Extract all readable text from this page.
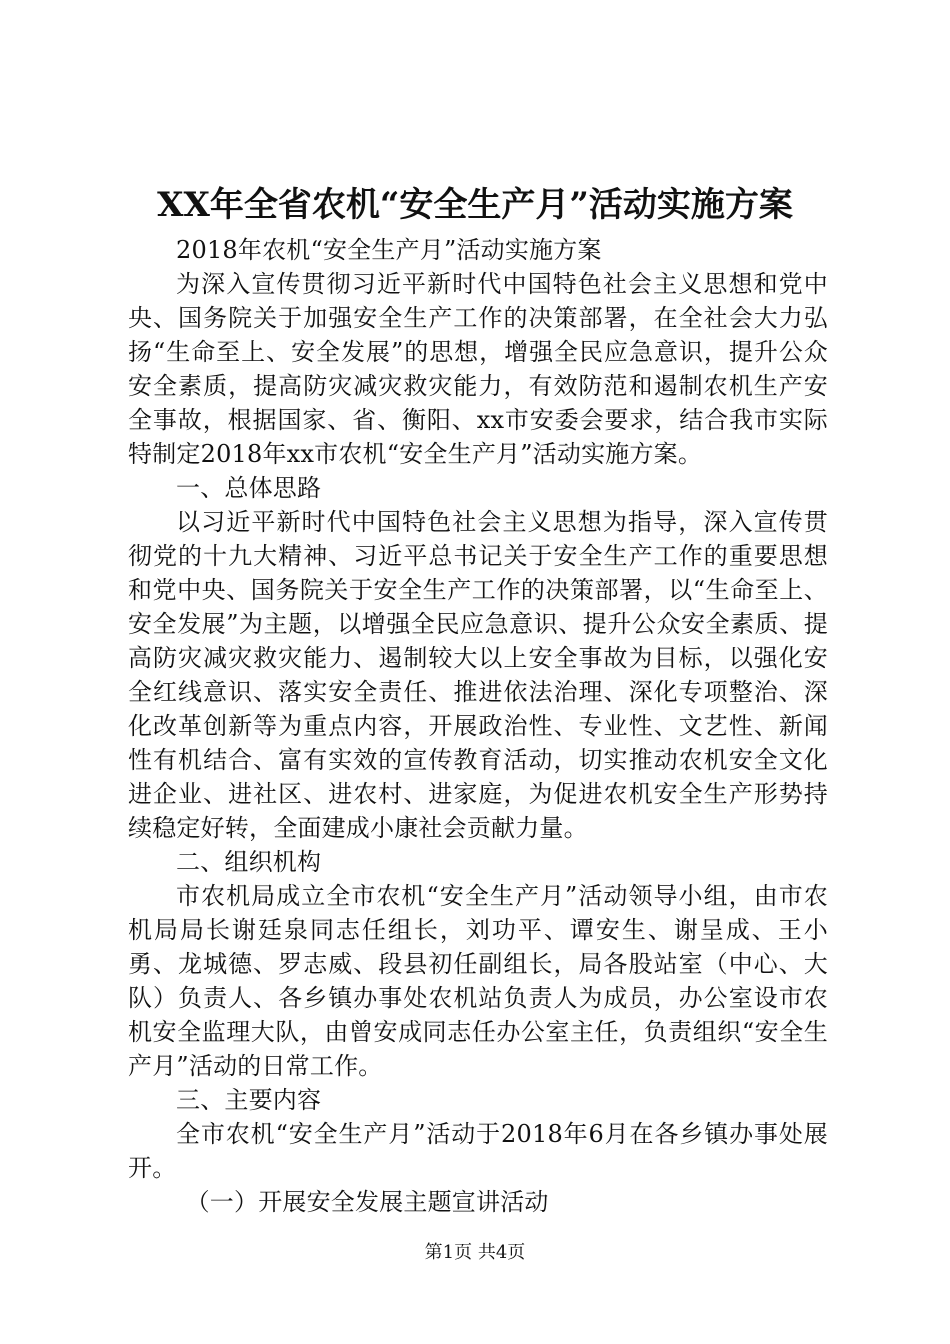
XX年全省农机“安全生产月”活动实施方案

2018年农机“安全生产月”活动实施方案

为深入宣传贯彻习近平新时代中国特色社会主义思想和党中央、国务院关于加强安全生产工作的决策部署，在全社会大力弘扬“生命至上、安全发展”的思想，增强全民应急意识，提升公众安全素质，提高防灾减灾救灾能力，有效防范和遏制农机生产安全事故，根据国家、省、衡阳、xx市安委会要求，结合我市实际特制定2018年xx市农机“安全生产月”活动实施方案。

一、总体思路

以习近平新时代中国特色社会主义思想为指导，深入宣传贯彻党的十九大精神、习近平总书记关于安全生产工作的重要思想和党中央、国务院关于安全生产工作的决策部署，以“生命至上、安全发展”为主题，以增强全民应急意识、提升公众安全素质、提高防灾减灾救灾能力、遏制较大以上安全事故为目标，以强化安全红线意识、落实安全责任、推进依法治理、深化专项整治、深化改革创新等为重点内容，开展政治性、专业性、文艺性、新闻性有机结合、富有实效的宣传教育活动，切实推动农机安全文化进企业、进社区、进农村、进家庭，为促进农机安全生产形势持续稳定好转，全面建成小康社会贡献力量。

二、组织机构

市农机局成立全市农机“安全生产月”活动领导小组，由市农机局局长谢廷泉同志任组长，刘功平、谭安生、谢呈成、王小勇、龙城德、罗志威、段县初任副组长，局各股站室（中心、大队）负责人、各乡镇办事处农机站负责人为成员，办公室设市农机安全监理大队，由曾安成同志任办公室主任，负责组织“安全生产月”活动的日常工作。

三、主要内容

全市农机“安全生产月”活动于2018年6月在各乡镇办事处展开。

（一）开展安全发展主题宣讲活动

第1页 共4页
